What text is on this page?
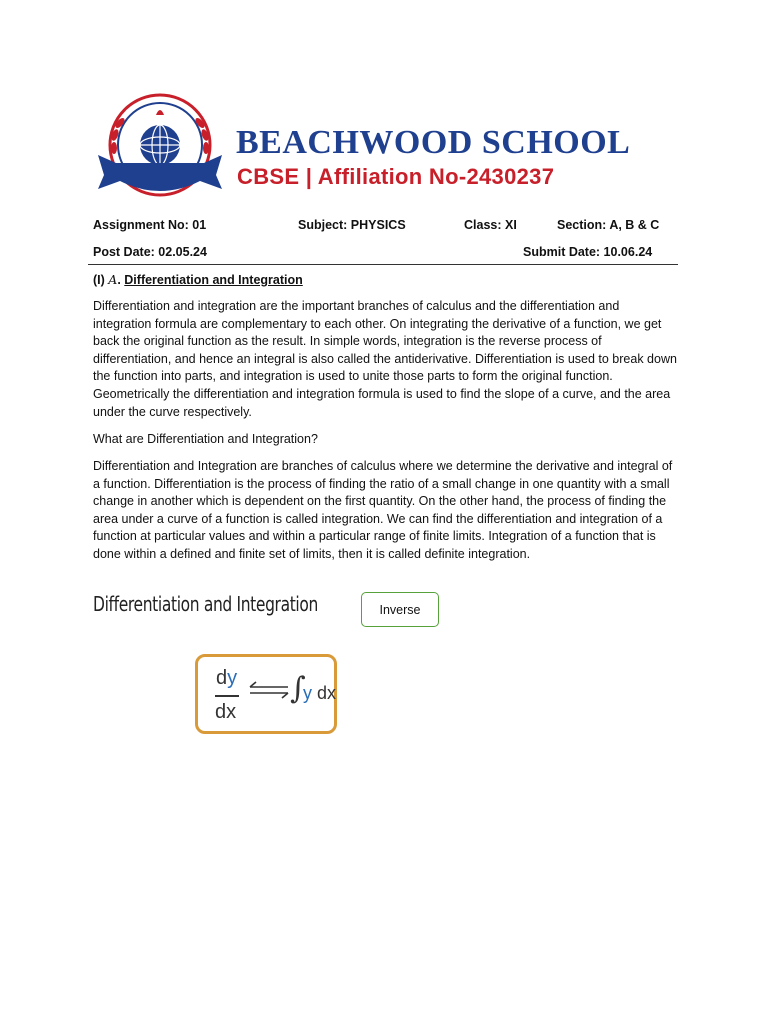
BEACHWOOD SCHOOL
CBSE | Affiliation No-2430237
Assignment No: 01	Subject: PHYSICS	Class: XI	Section: A, B & C
Post Date: 02.05.24	Submit Date: 10.06.24
(I) A. Differentiation and Integration

Differentiation and integration are the important branches of calculus and the differentiation and integration formula are complementary to each other. On integrating the derivative of a function, we get back the original function as the result. In simple words, integration is the reverse process of differentiation, and hence an integral is also called the antiderivative. Differentiation is used to break down the function into parts, and integration is used to unite those parts to form the original function. Geometrically the differentiation and integration formula is used to find the slope of a curve, and the area under the curve respectively.

What are Differentiation and Integration?

Differentiation and Integration are branches of calculus where we determine the derivative and integral of a function. Differentiation is the process of finding the ratio of a small change in one quantity with a small change in another which is dependent on the first quantity. On the other hand, the process of finding the area under a curve of a function is called integration. We can find the differentiation and integration of a function at particular values and within a particular range of finite limits. Integration of a function that is done within a defined and finite set of limits, then it is called definite integration.

Differentiation and Integration	Inverse
dy
dx
∫
y dx
